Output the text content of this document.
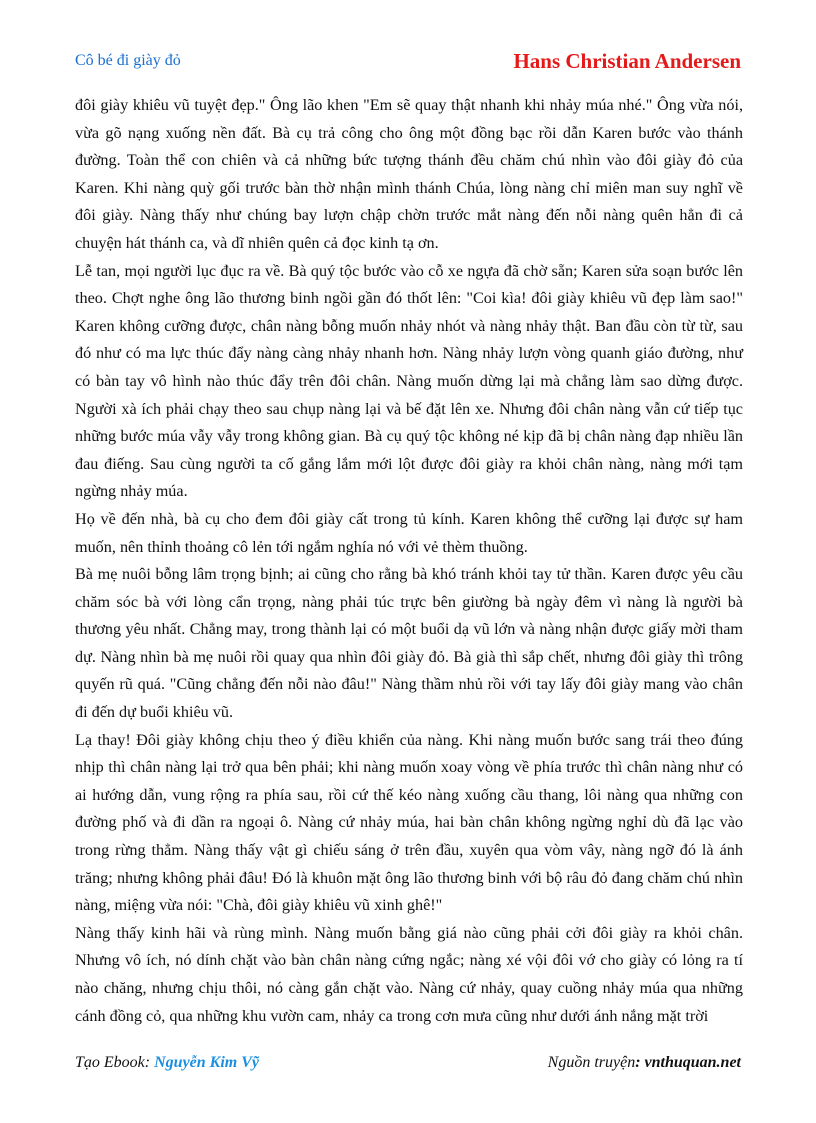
Cô bé đi giày đỏ	Hans Christian Andersen

đôi giày khiêu vũ tuyệt đẹp." Ông lão khen "Em sẽ quay thật nhanh khi nhảy múa nhé." Ông vừa nói, vừa gõ nạng xuống nền đất. Bà cụ trả công cho ông một đồng bạc rồi dẫn Karen bước vào thánh đường. Toàn thể con chiên và cả những bức tượng thánh đều chăm chú nhìn vào đôi giày đỏ của Karen. Khi nàng quỳ gối trước bàn thờ nhận mình thánh Chúa, lòng nàng chỉ miên man suy nghĩ về đôi giày. Nàng thấy như chúng bay lượn chập chờn trước mắt nàng đến nỗi nàng quên hẳn đi cả chuyện hát thánh ca, và dĩ nhiên quên cả đọc kinh tạ ơn.

Lễ tan, mọi người lục đục ra về. Bà quý tộc bước vào cỗ xe ngựa đã chờ sẵn; Karen sửa soạn bước lên theo. Chợt nghe ông lão thương binh ngồi gần đó thốt lên: "Coi kìa! đôi giày khiêu vũ đẹp làm sao!" Karen không cưỡng được, chân nàng bỗng muốn nhảy nhót và nàng nhảy thật. Ban đầu còn từ từ, sau đó như có ma lực thúc đẩy nàng càng nhảy nhanh hơn. Nàng nhảy lượn vòng quanh giáo đường, như có bàn tay vô hình nào thúc đẩy trên đôi chân. Nàng muốn dừng lại mà chẳng làm sao dừng được. Người xà ích phải chạy theo sau chụp nàng lại và bế đặt lên xe. Nhưng đôi chân nàng vẫn cứ tiếp tục những bước múa vẫy vẫy trong không gian. Bà cụ quý tộc không né kịp đã bị chân nàng đạp nhiều lần đau điếng. Sau cùng người ta cố gắng lắm mới lột được đôi giày ra khỏi chân nàng, nàng mới tạm ngừng nhảy múa.

Họ về đến nhà, bà cụ cho đem đôi giày cất trong tủ kính. Karen không thể cưỡng lại được sự ham muốn, nên thỉnh thoảng cô lẻn tới ngắm nghía nó với vẻ thèm thuồng.

Bà mẹ nuôi bỗng lâm trọng bịnh; ai cũng cho rằng bà khó tránh khỏi tay tử thần. Karen được yêu cầu chăm sóc bà với lòng cẩn trọng, nàng phải túc trực bên giường bà ngày đêm vì nàng là người bà thương yêu nhất. Chẳng may, trong thành lại có một buổi dạ vũ lớn và nàng nhận được giấy mời tham dự. Nàng nhìn bà mẹ nuôi rồi quay qua nhìn đôi giày đỏ. Bà già thì sắp chết, nhưng đôi giày thì trông quyến rũ quá. "Cũng chẳng đến nỗi nào đâu!" Nàng thầm nhủ rồi với tay lấy đôi giày mang vào chân đi đến dự buổi khiêu vũ.

Lạ thay! Đôi giày không chịu theo ý điều khiển của nàng. Khi nàng muốn bước sang trái theo đúng nhịp thì chân nàng lại trở qua bên phải; khi nàng muốn xoay vòng về phía trước thì chân nàng như có ai hướng dẫn, vung rộng ra phía sau, rồi cứ thế kéo nàng xuống cầu thang, lôi nàng qua những con đường phố và đi dần ra ngoại ô. Nàng cứ nhảy múa, hai bàn chân không ngừng nghỉ dù đã lạc vào trong rừng thẳm. Nàng thấy vật gì chiếu sáng ở trên đầu, xuyên qua vòm vây, nàng ngỡ đó là ánh trăng; nhưng không phải đâu! Đó là khuôn mặt ông lão thương binh với bộ râu đỏ đang chăm chú nhìn nàng, miệng vừa nói: "Chà, đôi giày khiêu vũ xinh ghê!"

Nàng thấy kinh hãi và rùng mình. Nàng muốn bằng giá nào cũng phải cởi đôi giày ra khỏi chân. Nhưng vô ích, nó dính chặt vào bàn chân nàng cứng ngắc; nàng xé vội đôi vớ cho giày có lỏng ra tí nào chăng, nhưng chịu thôi, nó càng gắn chặt vào. Nàng cứ nhảy, quay cuồng nhảy múa qua những cánh đồng cỏ, qua những khu vườn cam, nhảy ca trong cơn mưa cũng như dưới ánh nắng mặt trời

Tạo Ebook: Nguyễn Kim Vỹ	Nguồn truyện: vnthuquan.net
